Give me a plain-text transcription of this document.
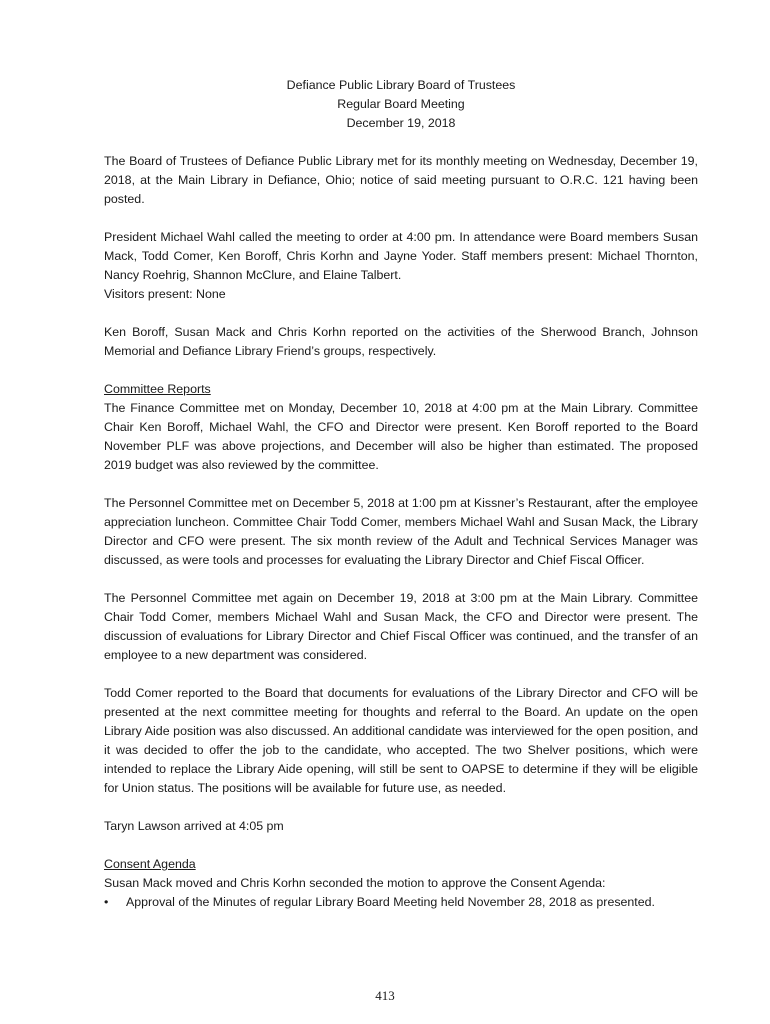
Defiance Public Library Board of Trustees
Regular Board Meeting
December 19, 2018

The Board of Trustees of Defiance Public Library met for its monthly meeting on Wednesday, December 19, 2018, at the Main Library in Defiance, Ohio; notice of said meeting pursuant to O.R.C. 121 having been posted.

President Michael Wahl called the meeting to order at 4:00 pm. In attendance were Board members Susan Mack, Todd Comer, Ken Boroff, Chris Korhn and Jayne Yoder. Staff members present: Michael Thornton, Nancy Roehrig, Shannon McClure, and Elaine Talbert.
Visitors present: None

Ken Boroff, Susan Mack and Chris Korhn reported on the activities of the Sherwood Branch, Johnson Memorial and Defiance Library Friend’s groups, respectively.

Committee Reports
The Finance Committee met on Monday, December 10, 2018 at 4:00 pm at the Main Library. Committee Chair Ken Boroff, Michael Wahl, the CFO and Director were present. Ken Boroff reported to the Board November PLF was above projections, and December will also be higher than estimated. The proposed 2019 budget was also reviewed by the committee.

The Personnel Committee met on December 5, 2018 at 1:00 pm at Kissner’s Restaurant, after the employee appreciation luncheon. Committee Chair Todd Comer, members Michael Wahl and Susan Mack, the Library Director and CFO were present. The six month review of the Adult and Technical Services Manager was discussed, as were tools and processes for evaluating the Library Director and Chief Fiscal Officer.

The Personnel Committee met again on December 19, 2018 at 3:00 pm at the Main Library. Committee Chair Todd Comer, members Michael Wahl and Susan Mack, the CFO and Director were present. The discussion of evaluations for Library Director and Chief Fiscal Officer was continued, and the transfer of an employee to a new department was considered.

Todd Comer reported to the Board that documents for evaluations of the Library Director and CFO will be presented at the next committee meeting for thoughts and referral to the Board. An update on the open Library Aide position was also discussed. An additional candidate was interviewed for the open position, and it was decided to offer the job to the candidate, who accepted. The two Shelver positions, which were intended to replace the Library Aide opening, will still be sent to OAPSE to determine if they will be eligible for Union status. The positions will be available for future use, as needed.

Taryn Lawson arrived at 4:05 pm

Consent Agenda
Susan Mack moved and Chris Korhn seconded the motion to approve the Consent Agenda:
• Approval of the Minutes of regular Library Board Meeting held November 28, 2018 as presented.
413
